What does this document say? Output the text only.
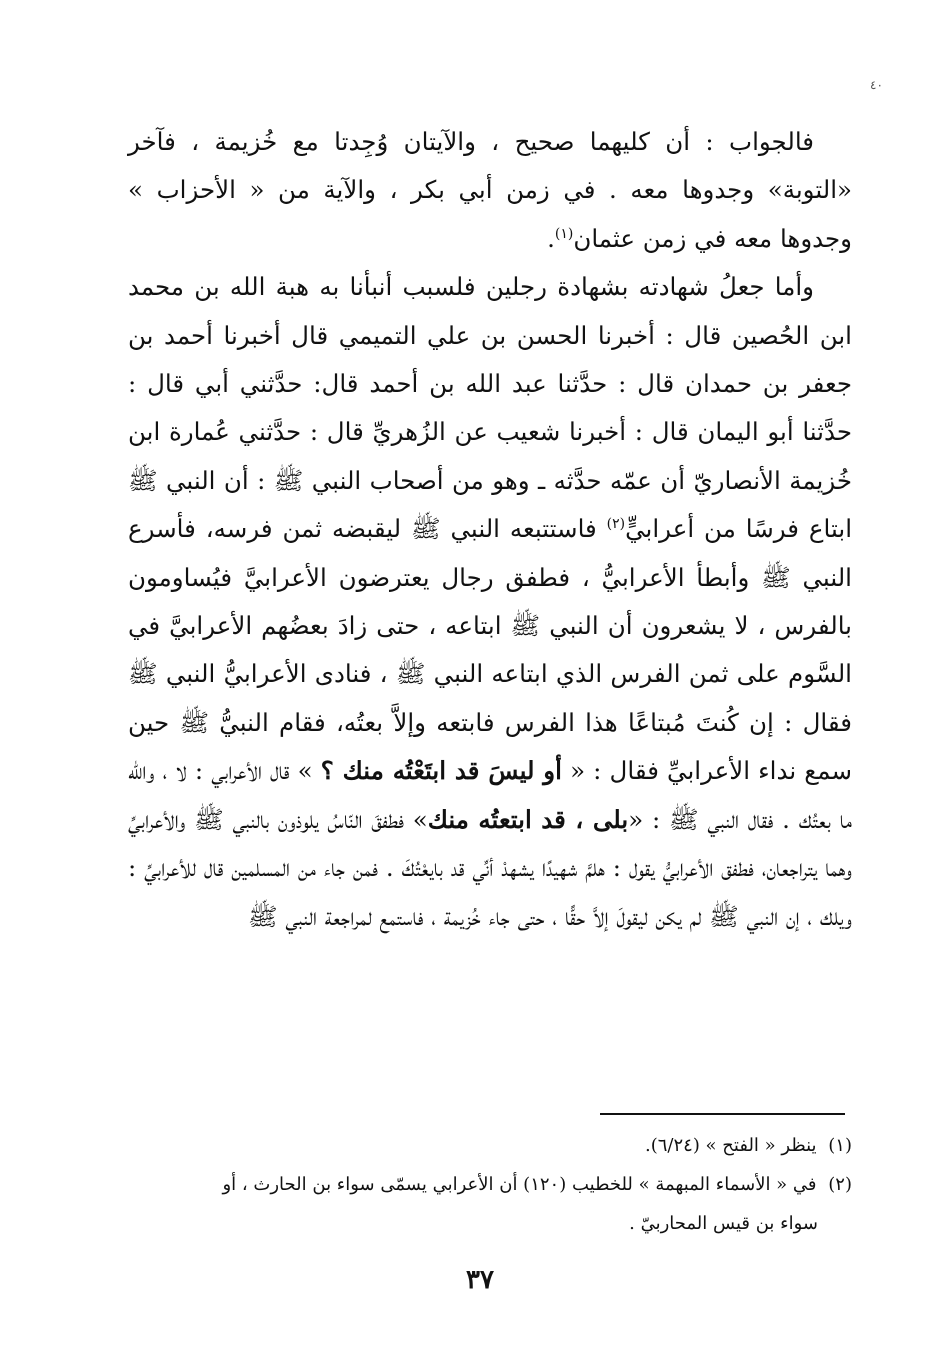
٤٠

فالجواب : أن كليهما صحيح ، والآيتان وُجِدتا مع خُزيمة ، فآخر «التوبة» وجدوها معه . في زمن أبي بكر ، والآية من « الأحزاب » وجدوها معه في زمن عثمان$^{(١)}$.

وأما جعلُ شهادته بشهادة رجلين فلسبب أنبأنا به هبة الله بن محمد ابن الحُصين قال : أخبرنا الحسن بن علي التميمي قال أخبرنا أحمد بن جعفر بن حمدان قال : حدَّثنا عبد الله بن أحمد قال: حدَّثني أبي قال : حدَّثنا أبو اليمان قال : أخبرنا شعيب عن الزُهريِّ قال : حدَّثني عُمارة ابن خُزيمة الأنصاريّ أن عمّه حدَّثه ـ وهو من أصحاب النبي ﷺ : أن النبي ﷺ ابتاع فرسًا من أعرابيٍّ$^{(٢)}$ فاستتبعه النبي ﷺ ليقبضه ثمن فرسه، فأسرع النبي ﷺ وأبطأ الأعرابيُّ ، فطفق رجال يعترضون الأعرابيَّ فيُساومون بالفرس ، لا يشعرون أن النبي ﷺ ابتاعه ، حتى زادَ بعضُهم الأعرابيَّ في السَّوم على ثمن الفرس الذي ابتاعه النبي ﷺ ، فنادى الأعرابيُّ النبي ﷺ فقال : إن كُنتَ مُبتاعًا هذا الفرس فابتعه وإلاَّ بعتُه، فقام النبيُّ ﷺ حين سمع نداء الأعرابيِّ فقال : « أو ليسَ قد ابتَعْتُه منك ؟ » قال الأعرابي : لا ، والله ما بعتُك . فقال النبي ﷺ : «بلى ، قد ابتعتُه منك» فطفقَ النّاسُ يلوذون بالنبي ﷺ والأعرابيِّ وهما يتراجعان، فطفق الأعرابيُّ يقول : هلمَّ شهيدًا يشهدْ أنِّي قد بايعْتُكَ . فمن جاء من المسلمين قال للأعرابيِّ : ويلك ، إن النبي ﷺ لم يكن ليقولَ إلاَّ حقًّا ، حتى جاء خُزيمة ، فاستمع لمراجعة النبي ﷺ

(١) ينظر « الفتح » (٦/٢٤).

(٢) في « الأسماء المبهمة » للخطيب (١٢٠) أن الأعرابي يسمّى سواء بن الحارث ، أو

سواء بن قيس المحاربيّ .

٣٧
